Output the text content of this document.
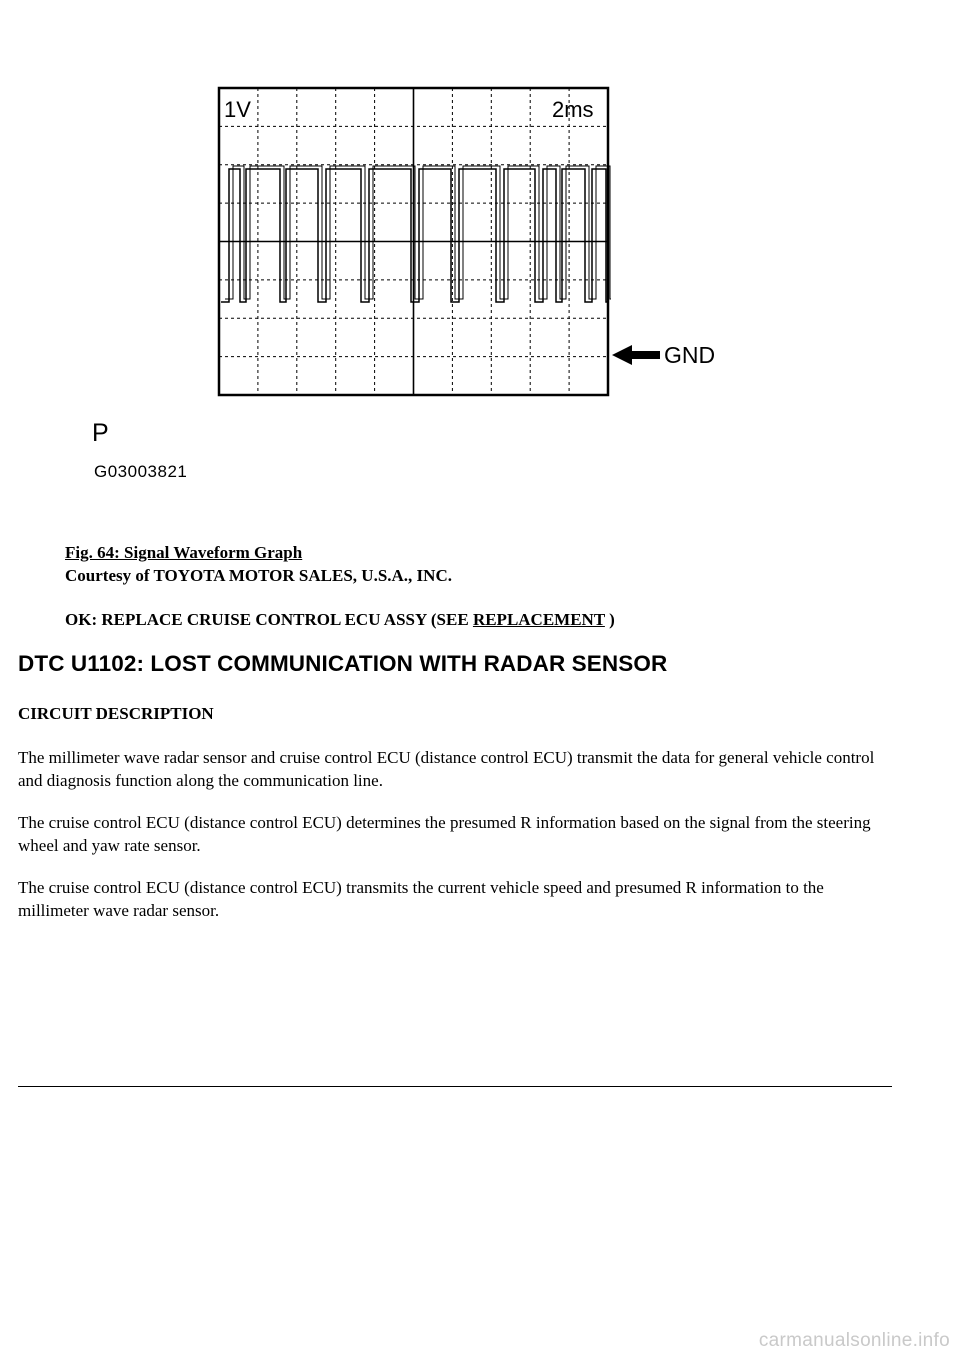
1V	2ms
GND
P
G03003821
Fig. 64: Signal Waveform Graph
Courtesy of TOYOTA MOTOR SALES, U.S.A., INC.
OK: REPLACE CRUISE CONTROL ECU ASSY (SEE REPLACEMENT )
DTC U1102: LOST COMMUNICATION WITH RADAR SENSOR
CIRCUIT DESCRIPTION

The millimeter wave radar sensor and cruise control ECU (distance control ECU) transmit the data for general vehicle control and diagnosis function along the communication line.

The cruise control ECU (distance control ECU) determines the presumed R information based on the signal from the steering wheel and yaw rate sensor.

The cruise control ECU (distance control ECU) transmits the current vehicle speed and presumed R information to the millimeter wave radar sensor.

carmanualsonline.info
